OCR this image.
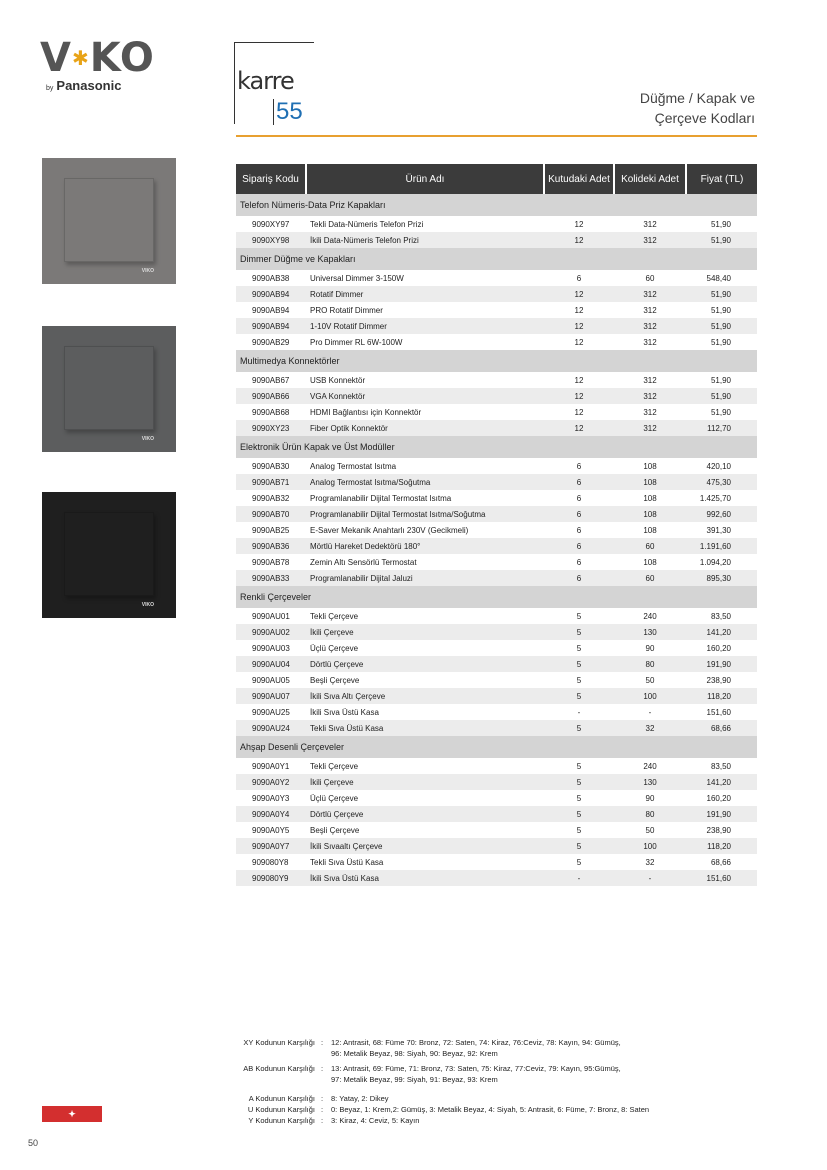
V✱KO
by Panasonic	karre
55	Düğme / Kapak ve
Çerçeve Kodları
VIKO
VIKO
VIKO
Sipariş Kodu	Ürün Adı	Kutudaki Adet	Kolideki Adet	Fiyat (TL)
Telefon Nümeris-Data Priz Kapakları				
9090XY97	Tekli Data-Nümeris Telefon Prizi	12	312	51,90
9090XY98	İkili Data-Nümeris Telefon Prizi	12	312	51,90
Dimmer Düğme ve Kapakları				
9090AB38	Universal Dimmer 3-150W	6	60	548,40
9090AB94	Rotatif Dimmer	12	312	51,90
9090AB94	PRO Rotatif Dimmer	12	312	51,90
9090AB94	1-10V Rotatif Dimmer	12	312	51,90
9090AB29	Pro Dimmer RL 6W-100W	12	312	51,90
Multimedya Konnektörler				
9090AB67	USB Konnektör	12	312	51,90
9090AB66	VGA Konnektör	12	312	51,90
9090AB68	HDMI Bağlantısı için Konnektör	12	312	51,90
9090XY23	Fiber Optik Konnektör	12	312	112,70
Elektronik Ürün Kapak ve Üst Modüller				
9090AB30	Analog Termostat Isıtma	6	108	420,10
9090AB71	Analog Termostat Isıtma/Soğutma	6	108	475,30
9090AB32	Programlanabilir Dijital Termostat Isıtma	6	108	1.425,70
9090AB70	Programlanabilir Dijital Termostat Isıtma/Soğutma	6	108	992,60
9090AB25	E-Saver Mekanik Anahtarlı 230V (Gecikmeli)	6	108	391,30
9090AB36	Mörtlü Hareket Dedektörü 180°	6	60	1.191,60
9090AB78	Zemin Altı Sensörlü Termostat	6	108	1.094,20
9090AB33	Programlanabilir Dijital Jaluzi	6	60	895,30
Renkli Çerçeveler				
9090AU01	Tekli Çerçeve	5	240	83,50
9090AU02	İkili Çerçeve	5	130	141,20
9090AU03	Üçlü Çerçeve	5	90	160,20
9090AU04	Dörtlü Çerçeve	5	80	191,90
9090AU05	Beşli Çerçeve	5	50	238,90
9090AU07	İkili Sıva Altı Çerçeve	5	100	118,20
9090AU25	İkili Sıva Üstü Kasa	-	-	151,60
9090AU24	Tekli Sıva Üstü Kasa	5	32	68,66
Ahşap Desenli Çerçeveler				
9090A0Y1	Tekli Çerçeve	5	240	83,50
9090A0Y2	İkili Çerçeve	5	130	141,20
9090A0Y3	Üçlü Çerçeve	5	90	160,20
9090A0Y4	Dörtlü Çerçeve	5	80	191,90
9090A0Y5	Beşli Çerçeve	5	50	238,90
9090A0Y7	İkili Sıvaaltı Çerçeve	5	100	118,20
909080Y8	Tekli Sıva Üstü Kasa	5	32	68,66
909080Y9	İkili Sıva Üstü Kasa	-	-	151,60
XY Kodunun Karşılığı :	12: Antrasit, 68: Füme 70: Bronz, 72: Saten, 74: Kiraz, 76:Ceviz, 78: Kayın, 94: Gümüş,
96: Metalik Beyaz, 98: Siyah, 90: Beyaz, 92: Krem
AB Kodunun Karşılığı :	13: Antrasit, 69: Füme, 71: Bronz, 73: Saten, 75: Kiraz, 77:Ceviz, 79: Kayın, 95:Gümüş,
97: Metalik Beyaz, 99: Siyah, 91: Beyaz, 93: Krem
A Kodunun Karşılığı :	8: Yatay, 2: Dikey
U Kodunun Karşılığı :	0: Beyaz, 1: Krem,2: Gümüş, 3: Metalik Beyaz, 4: Siyah, 5: Antrasit, 6: Füme, 7: Bronz, 8: Saten
Y Kodunun Karşılığı :	3: Kiraz, 4: Ceviz, 5: Kayın
✦
50
